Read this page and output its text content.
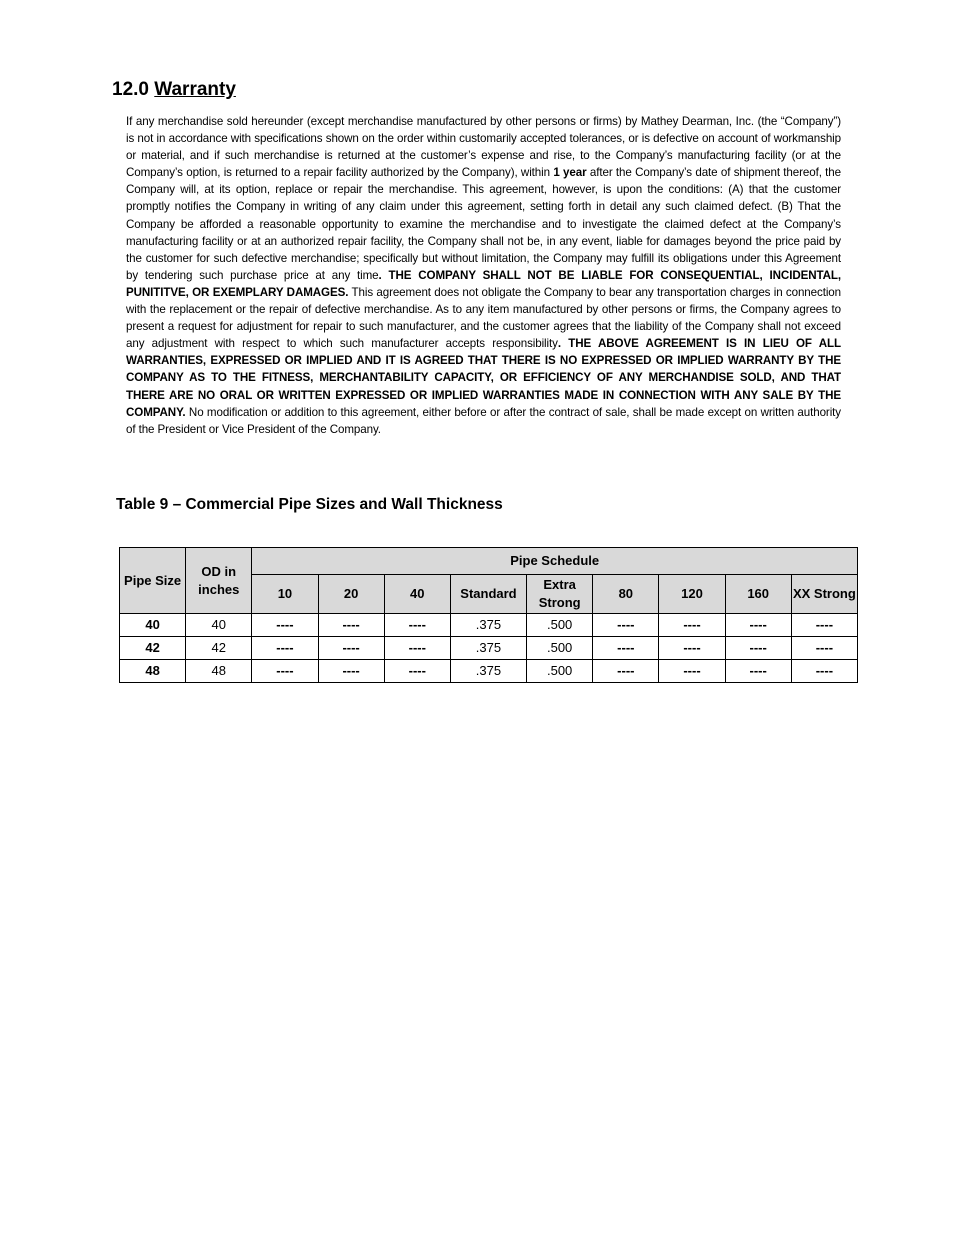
12.0 Warranty

If any merchandise sold hereunder (except merchandise manufactured by other persons or firms) by Mathey Dearman, Inc. (the “Company”) is not in accordance with specifications shown on the order within customarily accepted tolerances, or is defective on account of workmanship or material, and if such merchandise is returned at the customer’s expense and rise, to the Company’s manufacturing facility (or at the Company’s option, is returned to a repair facility authorized by the Company), within 1 year after the Company’s date of shipment thereof, the Company will, at its option, replace or repair the merchandise. This agreement, however, is upon the conditions: (A) that the customer promptly notifies the Company in writing of any claim under this agreement, setting forth in detail any such claimed defect. (B) That the Company be afforded a reasonable opportunity to examine the merchandise and to investigate the claimed defect at the Company’s manufacturing facility or at an authorized repair facility, the Company shall not be, in any event, liable for damages beyond the price paid by the customer for such defective merchandise; specifically but without limitation, the Company may fulfill its obligations under this Agreement by tendering such purchase price at any time. THE COMPANY SHALL NOT BE LIABLE FOR CONSEQUENTIAL, INCIDENTAL, PUNITITVE, OR EXEMPLARY DAMAGES. This agreement does not obligate the Company to bear any transportation charges in connection with the replacement or the repair of defective merchandise. As to any item manufactured by other persons or firms, the Company agrees to present a request for adjustment for repair to such manufacturer, and the customer agrees that the liability of the Company shall not exceed any adjustment with respect to which such manufacturer accepts responsibility. THE ABOVE AGREEMENT IS IN LIEU OF ALL WARRANTIES, EXPRESSED OR IMPLIED AND IT IS AGREED THAT THERE IS NO EXPRESSED OR IMPLIED WARRANTY BY THE COMPANY AS TO THE FITNESS, MERCHANTABILITY CAPACITY, OR EFFICIENCY OF ANY MERCHANDISE SOLD, AND THAT THERE ARE NO ORAL OR WRITTEN EXPRESSED OR IMPLIED WARRANTIES MADE IN CONNECTION WITH ANY SALE BY THE COMPANY. No modification or addition to this agreement, either before or after the contract of sale, shall be made except on written authority of the President or Vice President of the Company.

Table 9 – Commercial Pipe Sizes and Wall Thickness
Pipe Size	OD in inches	Pipe Schedule								
		10	20	40	Standard	Extra Strong	80	120	160	XX Strong
40	40	----	----	----	.375	.500	----	----	----	----
42	42	----	----	----	.375	.500	----	----	----	----
48	48	----	----	----	.375	.500	----	----	----	----
